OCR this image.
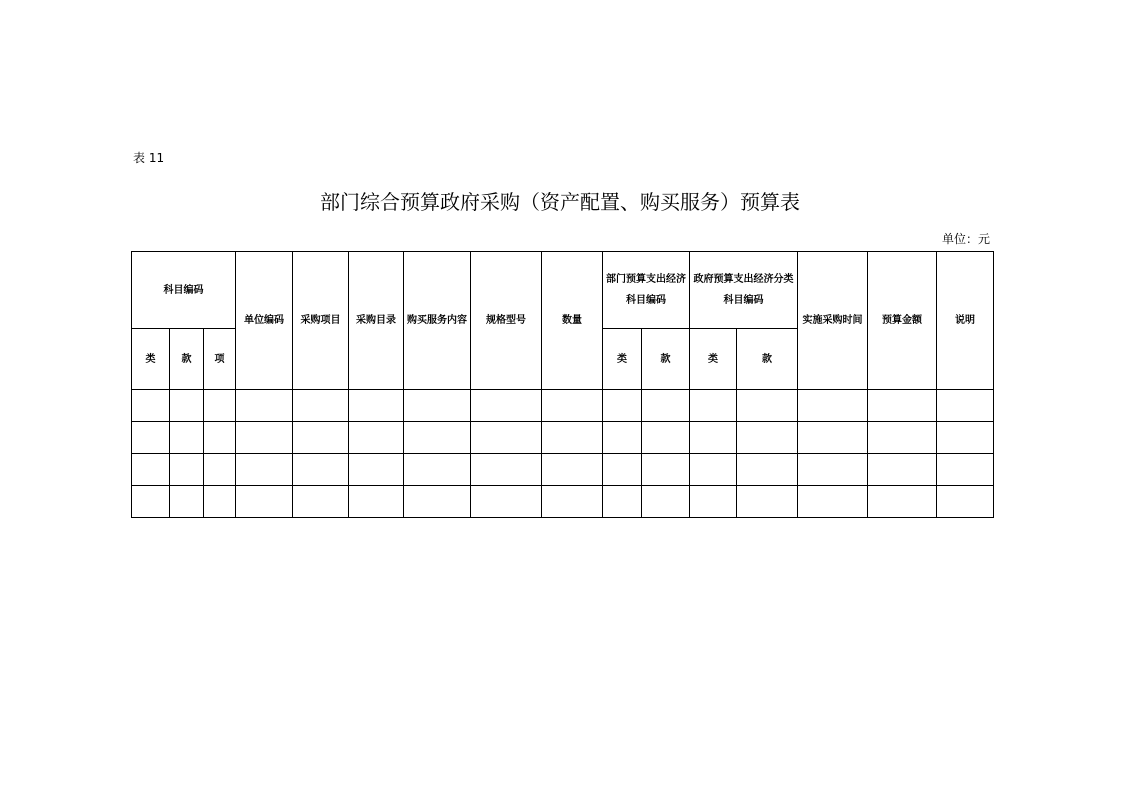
表 11
部门综合预算政府采购（资产配置、购买服务）预算表
单位：元
科目编码			单位编码	采购项目	采购目录	购买服务内容	规格型号	数量	部门预算支出经济科目编码		政府预算支出经济分类科目编码		实施采购时间	预算金额	说明
类	款	项							类	款	类	款			
